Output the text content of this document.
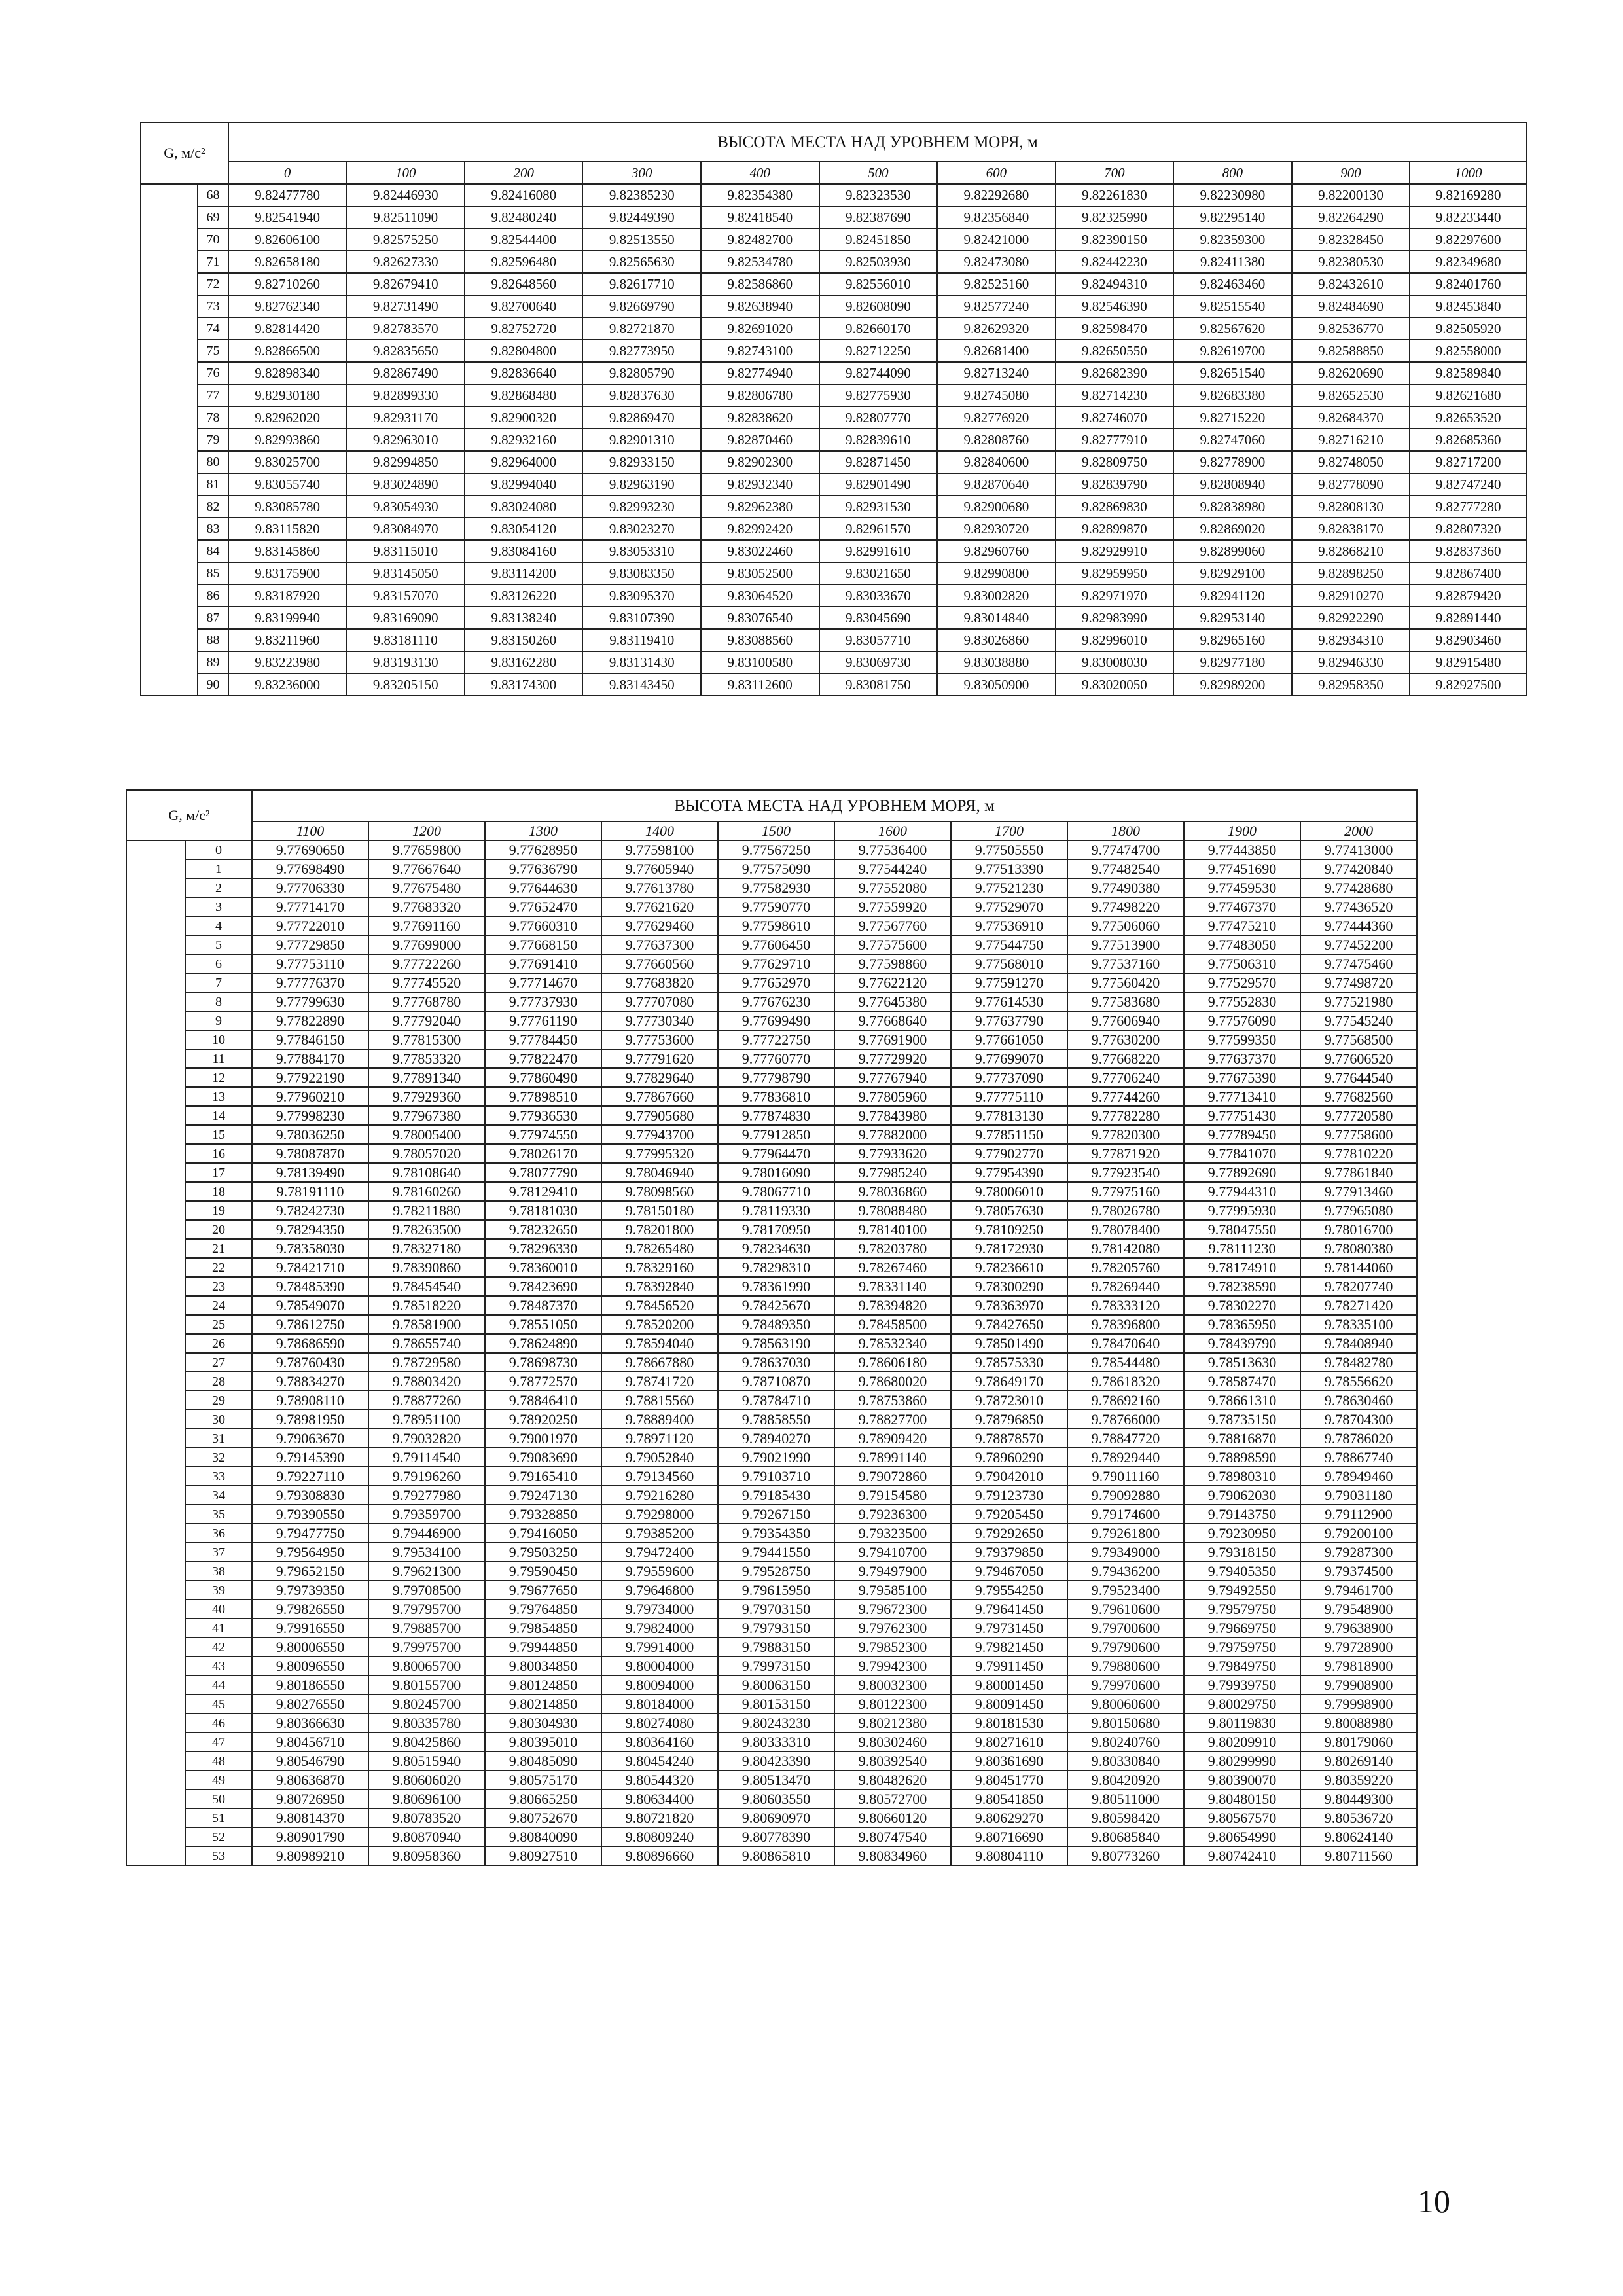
G, м/с²		ВЫСОТА МЕСТА НАД УРОВНЕМ МОРЯ, м										
		0	100	200	300	400	500	600	700	800	900	1000
	68	9.82477780	9.82446930	9.82416080	9.82385230	9.82354380	9.82323530	9.82292680	9.82261830	9.82230980	9.82200130	9.82169280
	69	9.82541940	9.82511090	9.82480240	9.82449390	9.82418540	9.82387690	9.82356840	9.82325990	9.82295140	9.82264290	9.82233440
	70	9.82606100	9.82575250	9.82544400	9.82513550	9.82482700	9.82451850	9.82421000	9.82390150	9.82359300	9.82328450	9.82297600
	71	9.82658180	9.82627330	9.82596480	9.82565630	9.82534780	9.82503930	9.82473080	9.82442230	9.82411380	9.82380530	9.82349680
	72	9.82710260	9.82679410	9.82648560	9.82617710	9.82586860	9.82556010	9.82525160	9.82494310	9.82463460	9.82432610	9.82401760
	73	9.82762340	9.82731490	9.82700640	9.82669790	9.82638940	9.82608090	9.82577240	9.82546390	9.82515540	9.82484690	9.82453840
	74	9.82814420	9.82783570	9.82752720	9.82721870	9.82691020	9.82660170	9.82629320	9.82598470	9.82567620	9.82536770	9.82505920
	75	9.82866500	9.82835650	9.82804800	9.82773950	9.82743100	9.82712250	9.82681400	9.82650550	9.82619700	9.82588850	9.82558000
	76	9.82898340	9.82867490	9.82836640	9.82805790	9.82774940	9.82744090	9.82713240	9.82682390	9.82651540	9.82620690	9.82589840
	77	9.82930180	9.82899330	9.82868480	9.82837630	9.82806780	9.82775930	9.82745080	9.82714230	9.82683380	9.82652530	9.82621680
	78	9.82962020	9.82931170	9.82900320	9.82869470	9.82838620	9.82807770	9.82776920	9.82746070	9.82715220	9.82684370	9.82653520
	79	9.82993860	9.82963010	9.82932160	9.82901310	9.82870460	9.82839610	9.82808760	9.82777910	9.82747060	9.82716210	9.82685360
	80	9.83025700	9.82994850	9.82964000	9.82933150	9.82902300	9.82871450	9.82840600	9.82809750	9.82778900	9.82748050	9.82717200
	81	9.83055740	9.83024890	9.82994040	9.82963190	9.82932340	9.82901490	9.82870640	9.82839790	9.82808940	9.82778090	9.82747240
	82	9.83085780	9.83054930	9.83024080	9.82993230	9.82962380	9.82931530	9.82900680	9.82869830	9.82838980	9.82808130	9.82777280
	83	9.83115820	9.83084970	9.83054120	9.83023270	9.82992420	9.82961570	9.82930720	9.82899870	9.82869020	9.82838170	9.82807320
	84	9.83145860	9.83115010	9.83084160	9.83053310	9.83022460	9.82991610	9.82960760	9.82929910	9.82899060	9.82868210	9.82837360
	85	9.83175900	9.83145050	9.83114200	9.83083350	9.83052500	9.83021650	9.82990800	9.82959950	9.82929100	9.82898250	9.82867400
	86	9.83187920	9.83157070	9.83126220	9.83095370	9.83064520	9.83033670	9.83002820	9.82971970	9.82941120	9.82910270	9.82879420
	87	9.83199940	9.83169090	9.83138240	9.83107390	9.83076540	9.83045690	9.83014840	9.82983990	9.82953140	9.82922290	9.82891440
	88	9.83211960	9.83181110	9.83150260	9.83119410	9.83088560	9.83057710	9.83026860	9.82996010	9.82965160	9.82934310	9.82903460
	89	9.83223980	9.83193130	9.83162280	9.83131430	9.83100580	9.83069730	9.83038880	9.83008030	9.82977180	9.82946330	9.82915480
	90	9.83236000	9.83205150	9.83174300	9.83143450	9.83112600	9.83081750	9.83050900	9.83020050	9.82989200	9.82958350	9.82927500
G, м/с²		ВЫСОТА МЕСТА НАД УРОВНЕМ МОРЯ, м									
		1100	1200	1300	1400	1500	1600	1700	1800	1900	2000
	0	9.77690650	9.77659800	9.77628950	9.77598100	9.77567250	9.77536400	9.77505550	9.77474700	9.77443850	9.77413000
	1	9.77698490	9.77667640	9.77636790	9.77605940	9.77575090	9.77544240	9.77513390	9.77482540	9.77451690	9.77420840
	2	9.77706330	9.77675480	9.77644630	9.77613780	9.77582930	9.77552080	9.77521230	9.77490380	9.77459530	9.77428680
	3	9.77714170	9.77683320	9.77652470	9.77621620	9.77590770	9.77559920	9.77529070	9.77498220	9.77467370	9.77436520
	4	9.77722010	9.77691160	9.77660310	9.77629460	9.77598610	9.77567760	9.77536910	9.77506060	9.77475210	9.77444360
	5	9.77729850	9.77699000	9.77668150	9.77637300	9.77606450	9.77575600	9.77544750	9.77513900	9.77483050	9.77452200
	6	9.77753110	9.77722260	9.77691410	9.77660560	9.77629710	9.77598860	9.77568010	9.77537160	9.77506310	9.77475460
	7	9.77776370	9.77745520	9.77714670	9.77683820	9.77652970	9.77622120	9.77591270	9.77560420	9.77529570	9.77498720
	8	9.77799630	9.77768780	9.77737930	9.77707080	9.77676230	9.77645380	9.77614530	9.77583680	9.77552830	9.77521980
	9	9.77822890	9.77792040	9.77761190	9.77730340	9.77699490	9.77668640	9.77637790	9.77606940	9.77576090	9.77545240
	10	9.77846150	9.77815300	9.77784450	9.77753600	9.77722750	9.77691900	9.77661050	9.77630200	9.77599350	9.77568500
	11	9.77884170	9.77853320	9.77822470	9.77791620	9.77760770	9.77729920	9.77699070	9.77668220	9.77637370	9.77606520
	12	9.77922190	9.77891340	9.77860490	9.77829640	9.77798790	9.77767940	9.77737090	9.77706240	9.77675390	9.77644540
	13	9.77960210	9.77929360	9.77898510	9.77867660	9.77836810	9.77805960	9.77775110	9.77744260	9.77713410	9.77682560
	14	9.77998230	9.77967380	9.77936530	9.77905680	9.77874830	9.77843980	9.77813130	9.77782280	9.77751430	9.77720580
	15	9.78036250	9.78005400	9.77974550	9.77943700	9.77912850	9.77882000	9.77851150	9.77820300	9.77789450	9.77758600
	16	9.78087870	9.78057020	9.78026170	9.77995320	9.77964470	9.77933620	9.77902770	9.77871920	9.77841070	9.77810220
	17	9.78139490	9.78108640	9.78077790	9.78046940	9.78016090	9.77985240	9.77954390	9.77923540	9.77892690	9.77861840
	18	9.78191110	9.78160260	9.78129410	9.78098560	9.78067710	9.78036860	9.78006010	9.77975160	9.77944310	9.77913460
	19	9.78242730	9.78211880	9.78181030	9.78150180	9.78119330	9.78088480	9.78057630	9.78026780	9.77995930	9.77965080
	20	9.78294350	9.78263500	9.78232650	9.78201800	9.78170950	9.78140100	9.78109250	9.78078400	9.78047550	9.78016700
	21	9.78358030	9.78327180	9.78296330	9.78265480	9.78234630	9.78203780	9.78172930	9.78142080	9.78111230	9.78080380
	22	9.78421710	9.78390860	9.78360010	9.78329160	9.78298310	9.78267460	9.78236610	9.78205760	9.78174910	9.78144060
	23	9.78485390	9.78454540	9.78423690	9.78392840	9.78361990	9.78331140	9.78300290	9.78269440	9.78238590	9.78207740
	24	9.78549070	9.78518220	9.78487370	9.78456520	9.78425670	9.78394820	9.78363970	9.78333120	9.78302270	9.78271420
	25	9.78612750	9.78581900	9.78551050	9.78520200	9.78489350	9.78458500	9.78427650	9.78396800	9.78365950	9.78335100
	26	9.78686590	9.78655740	9.78624890	9.78594040	9.78563190	9.78532340	9.78501490	9.78470640	9.78439790	9.78408940
	27	9.78760430	9.78729580	9.78698730	9.78667880	9.78637030	9.78606180	9.78575330	9.78544480	9.78513630	9.78482780
	28	9.78834270	9.78803420	9.78772570	9.78741720	9.78710870	9.78680020	9.78649170	9.78618320	9.78587470	9.78556620
	29	9.78908110	9.78877260	9.78846410	9.78815560	9.78784710	9.78753860	9.78723010	9.78692160	9.78661310	9.78630460
	30	9.78981950	9.78951100	9.78920250	9.78889400	9.78858550	9.78827700	9.78796850	9.78766000	9.78735150	9.78704300
	31	9.79063670	9.79032820	9.79001970	9.78971120	9.78940270	9.78909420	9.78878570	9.78847720	9.78816870	9.78786020
	32	9.79145390	9.79114540	9.79083690	9.79052840	9.79021990	9.78991140	9.78960290	9.78929440	9.78898590	9.78867740
	33	9.79227110	9.79196260	9.79165410	9.79134560	9.79103710	9.79072860	9.79042010	9.79011160	9.78980310	9.78949460
	34	9.79308830	9.79277980	9.79247130	9.79216280	9.79185430	9.79154580	9.79123730	9.79092880	9.79062030	9.79031180
	35	9.79390550	9.79359700	9.79328850	9.79298000	9.79267150	9.79236300	9.79205450	9.79174600	9.79143750	9.79112900
	36	9.79477750	9.79446900	9.79416050	9.79385200	9.79354350	9.79323500	9.79292650	9.79261800	9.79230950	9.79200100
	37	9.79564950	9.79534100	9.79503250	9.79472400	9.79441550	9.79410700	9.79379850	9.79349000	9.79318150	9.79287300
	38	9.79652150	9.79621300	9.79590450	9.79559600	9.79528750	9.79497900	9.79467050	9.79436200	9.79405350	9.79374500
	39	9.79739350	9.79708500	9.79677650	9.79646800	9.79615950	9.79585100	9.79554250	9.79523400	9.79492550	9.79461700
	40	9.79826550	9.79795700	9.79764850	9.79734000	9.79703150	9.79672300	9.79641450	9.79610600	9.79579750	9.79548900
	41	9.79916550	9.79885700	9.79854850	9.79824000	9.79793150	9.79762300	9.79731450	9.79700600	9.79669750	9.79638900
	42	9.80006550	9.79975700	9.79944850	9.79914000	9.79883150	9.79852300	9.79821450	9.79790600	9.79759750	9.79728900
	43	9.80096550	9.80065700	9.80034850	9.80004000	9.79973150	9.79942300	9.79911450	9.79880600	9.79849750	9.79818900
	44	9.80186550	9.80155700	9.80124850	9.80094000	9.80063150	9.80032300	9.80001450	9.79970600	9.79939750	9.79908900
	45	9.80276550	9.80245700	9.80214850	9.80184000	9.80153150	9.80122300	9.80091450	9.80060600	9.80029750	9.79998900
	46	9.80366630	9.80335780	9.80304930	9.80274080	9.80243230	9.80212380	9.80181530	9.80150680	9.80119830	9.80088980
	47	9.80456710	9.80425860	9.80395010	9.80364160	9.80333310	9.80302460	9.80271610	9.80240760	9.80209910	9.80179060
	48	9.80546790	9.80515940	9.80485090	9.80454240	9.80423390	9.80392540	9.80361690	9.80330840	9.80299990	9.80269140
	49	9.80636870	9.80606020	9.80575170	9.80544320	9.80513470	9.80482620	9.80451770	9.80420920	9.80390070	9.80359220
	50	9.80726950	9.80696100	9.80665250	9.80634400	9.80603550	9.80572700	9.80541850	9.80511000	9.80480150	9.80449300
	51	9.80814370	9.80783520	9.80752670	9.80721820	9.80690970	9.80660120	9.80629270	9.80598420	9.80567570	9.80536720
	52	9.80901790	9.80870940	9.80840090	9.80809240	9.80778390	9.80747540	9.80716690	9.80685840	9.80654990	9.80624140
	53	9.80989210	9.80958360	9.80927510	9.80896660	9.80865810	9.80834960	9.80804110	9.80773260	9.80742410	9.80711560
10
